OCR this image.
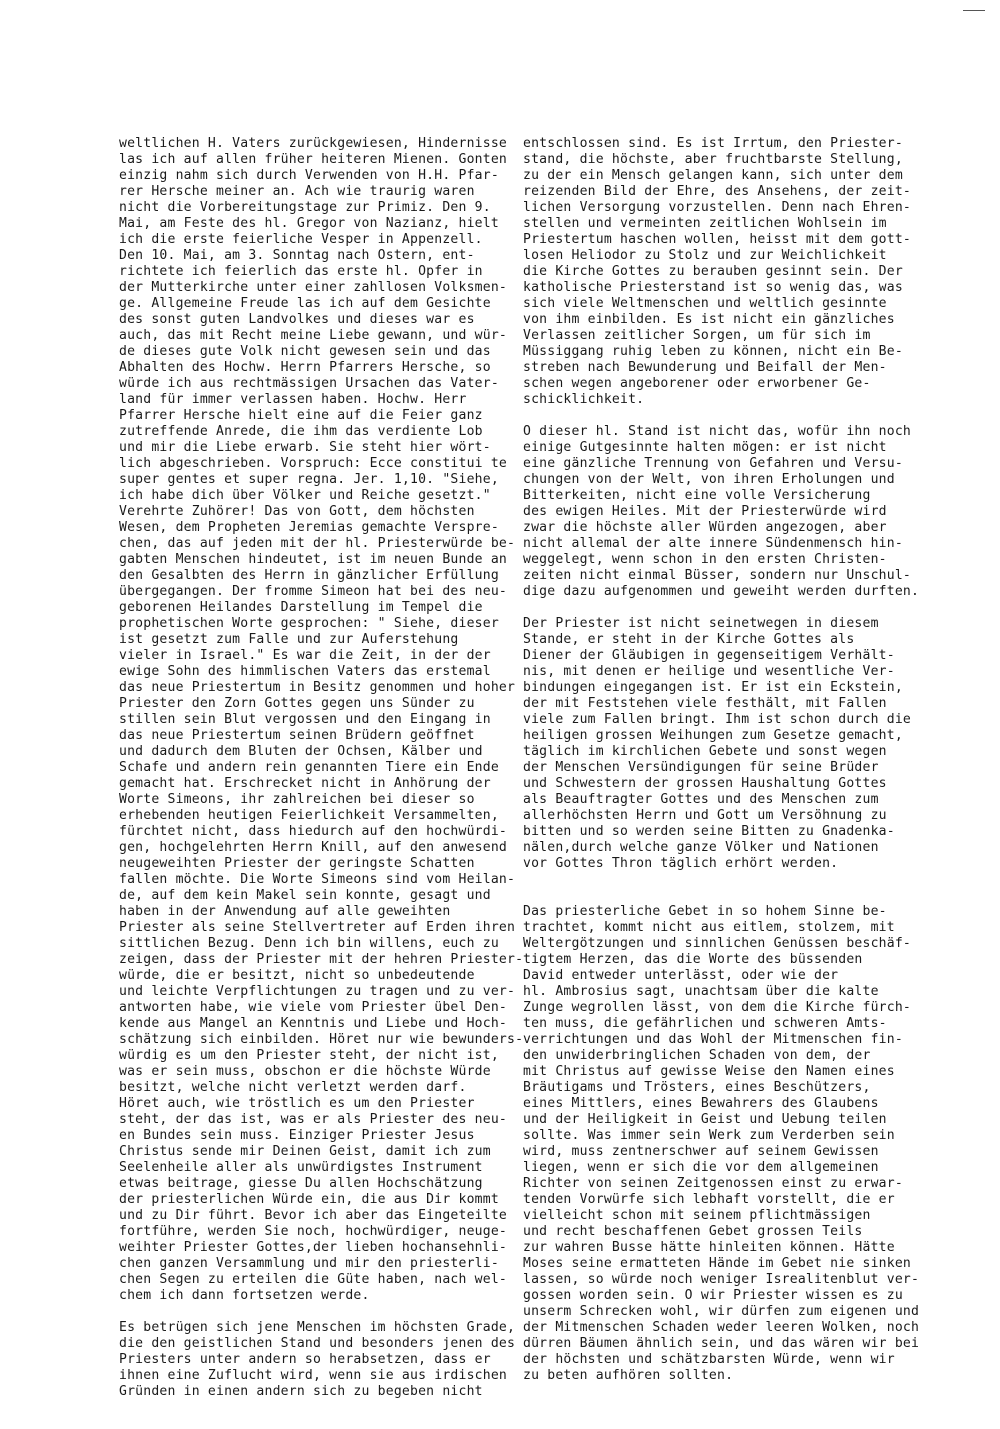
weltlichen H. Vaters zurückgewiesen, Hindernisse
las ich auf allen früher heiteren Mienen. Gonten
einzig nahm sich durch Verwenden von H.H. Pfar-
rer Hersche meiner an. Ach wie traurig waren
nicht die Vorbereitungstage zur Primiz. Den 9.
Mai, am Feste des hl. Gregor von Nazianz, hielt
ich die erste feierliche Vesper in Appenzell.
Den 10. Mai, am 3. Sonntag nach Ostern, ent-
richtete ich feierlich das erste hl. Opfer in
der Mutterkirche unter einer zahllosen Volksmen-
ge. Allgemeine Freude las ich auf dem Gesichte
des sonst guten Landvolkes und dieses war es
auch, das mit Recht meine Liebe gewann, und wür-
de dieses gute Volk nicht gewesen sein und das
Abhalten des Hochw. Herrn Pfarrers Hersche, so
würde ich aus rechtmässigen Ursachen das Vater-
land für immer verlassen haben. Hochw. Herr
Pfarrer Hersche hielt eine auf die Feier ganz
zutreffende Anrede, die ihm das verdiente Lob
und mir die Liebe erwarb. Sie steht hier wört-
lich abgeschrieben. Vorspruch: Ecce constitui te
super gentes et super regna. Jer. 1,10. "Siehe,
ich habe dich über Völker und Reiche gesetzt."
Verehrte Zuhörer! Das von Gott, dem höchsten
Wesen, dem Propheten Jeremias gemachte Verspre-
chen, das auf jeden mit der hl. Priesterwürde be-
gabten Menschen hindeutet, ist im neuen Bunde an
den Gesalbten des Herrn in gänzlicher Erfüllung
übergegangen. Der fromme Simeon hat bei des neu-
geborenen Heilandes Darstellung im Tempel die
prophetischen Worte gesprochen: " Siehe, dieser
ist gesetzt zum Falle und zur Auferstehung
vieler in Israel." Es war die Zeit, in der der
ewige Sohn des himmlischen Vaters das erstemal
das neue Priestertum in Besitz genommen und hoher
Priester den Zorn Gottes gegen uns Sünder zu
stillen sein Blut vergossen und den Eingang in
das neue Priestertum seinen Brüdern geöffnet
und dadurch dem Bluten der Ochsen, Kälber und
Schafe und andern rein genannten Tiere ein Ende
gemacht hat. Erschrecket nicht in Anhörung der
Worte Simeons, ihr zahlreichen bei dieser so
erhebenden heutigen Feierlichkeit Versammelten,
fürchtet nicht, dass hiedurch auf den hochwürdi-
gen, hochgelehrten Herrn Knill, auf den anwesend
neugeweihten Priester der geringste Schatten
fallen möchte. Die Worte Simeons sind vom Heilan-
de, auf dem kein Makel sein konnte, gesagt und
haben in der Anwendung auf alle geweihten
Priester als seine Stellvertreter auf Erden ihren
sittlichen Bezug. Denn ich bin willens, euch zu
zeigen, dass der Priester mit der hehren Priester-
würde, die er besitzt, nicht so unbedeutende
und leichte Verpflichtungen zu tragen und zu ver-
antworten habe, wie viele vom Priester übel Den-
kende aus Mangel an Kenntnis und Liebe und Hoch-
schätzung sich einbilden. Höret nur wie bewunders-
würdig es um den Priester steht, der nicht ist,
was er sein muss, obschon er die höchste Würde
besitzt, welche nicht verletzt werden darf.
Höret auch, wie tröstlich es um den Priester
steht, der das ist, was er als Priester des neu-
en Bundes sein muss. Einziger Priester Jesus
Christus sende mir Deinen Geist, damit ich zum
Seelenheile aller als unwürdigstes Instrument
etwas beitrage, giesse Du allen Hochschätzung
der priesterlichen Würde ein, die aus Dir kommt
und zu Dir führt. Bevor ich aber das Eingeteilte
fortführe, werden Sie noch, hochwürdiger, neuge-
weihter Priester Gottes,der lieben hochansehnli-
chen ganzen Versammlung und mir den priesterli-
chen Segen zu erteilen die Güte haben, nach wel-
chem ich dann fortsetzen werde.
Es betrügen sich jene Menschen im höchsten Grade,
die den geistlichen Stand und besonders jenen des
Priesters unter andern so herabsetzen, dass er
ihnen eine Zuflucht wird, wenn sie aus irdischen
Gründen in einen andern sich zu begeben nicht
entschlossen sind. Es ist Irrtum, den Priester-
stand, die höchste, aber fruchtbarste Stellung,
zu der ein Mensch gelangen kann, sich unter dem
reizenden Bild der Ehre, des Ansehens, der zeit-
lichen Versorgung vorzustellen. Denn nach Ehren-
stellen und vermeinten zeitlichen Wohlsein im
Priestertum haschen wollen, heisst mit dem gott-
losen Heliodor zu Stolz und zur Weichlichkeit
die Kirche Gottes zu berauben gesinnt sein. Der
katholische Priesterstand ist so wenig das, was
sich viele Weltmenschen und weltlich gesinnte
von ihm einbilden. Es ist nicht ein gänzliches
Verlassen zeitlicher Sorgen, um für sich im
Müssiggang ruhig leben zu können, nicht ein Be-
streben nach Bewunderung und Beifall der Men-
schen wegen angeborener oder erworbener Ge-
schicklichkeit.
O dieser hl. Stand ist nicht das, wofür ihn noch
einige Gutgesinnte halten mögen: er ist nicht
eine gänzliche Trennung von Gefahren und Versu-
chungen von der Welt, von ihren Erholungen und
Bitterkeiten, nicht eine volle Versicherung
des ewigen Heiles. Mit der Priesterwürde wird
zwar die höchste aller Würden angezogen, aber
nicht allemal der alte innere Sündenmensch hin-
weggelegt, wenn schon in den ersten Christen-
zeiten nicht einmal Büsser, sondern nur Unschul-
dige dazu aufgenommen und geweiht werden durften.
Der Priester ist nicht seinetwegen in diesem
Stande, er steht in der Kirche Gottes als
Diener der Gläubigen in gegenseitigem Verhält-
nis, mit denen er heilige und wesentliche Ver-
bindungen eingegangen ist. Er ist ein Eckstein,
der mit Feststehen viele festhält, mit Fallen
viele zum Fallen bringt. Ihm ist schon durch die
heiligen grossen Weihungen zum Gesetze gemacht,
täglich im kirchlichen Gebete und sonst wegen
der Menschen Versündigungen für seine Brüder
und Schwestern der grossen Haushaltung Gottes
als Beauftragter Gottes und des Menschen zum
allerhöchsten Herrn und Gott um Versöhnung zu
bitten und so werden seine Bitten zu Gnadenka-
nälen,durch welche ganze Völker und Nationen
vor Gottes Thron täglich erhört werden.
Das priesterliche Gebet in so hohem Sinne be-
trachtet, kommt nicht aus eitlem, stolzem, mit
Weltergötzungen und sinnlichen Genüssen beschäf-
tigtem Herzen, das die Worte des büssenden
David entweder unterlässt, oder wie der
hl. Ambrosius sagt, unachtsam über die kalte
Zunge wegrollen lässt, von dem die Kirche fürch-
ten muss, die gefährlichen und schweren Amts-
verrichtungen und das Wohl der Mitmenschen fin-
den unwiderbringlichen Schaden von dem, der
mit Christus auf gewisse Weise den Namen eines
Bräutigams und Trösters, eines Beschützers,
eines Mittlers, eines Bewahrers des Glaubens
und der Heiligkeit in Geist und Uebung teilen
sollte. Was immer sein Werk zum Verderben sein
wird, muss zentnerschwer auf seinem Gewissen
liegen, wenn er sich die vor dem allgemeinen
Richter von seinen Zeitgenossen einst zu erwar-
tenden Vorwürfe sich lebhaft vorstellt, die er
vielleicht schon mit seinem pflichtmässigen
und recht beschaffenen Gebet grossen Teils
zur wahren Busse hätte hinleiten können. Hätte
Moses seine ermatteten Hände im Gebet nie sinken
lassen, so würde noch weniger Isrealitenblut ver-
gossen worden sein. O wir Priester wissen es zu
unserm Schrecken wohl, wir dürfen zum eigenen und
der Mitmenschen Schaden weder leeren Wolken, noch
dürren Bäumen ähnlich sein, und das wären wir bei
der höchsten und schätzbarsten Würde, wenn wir
zu beten aufhören sollten.
